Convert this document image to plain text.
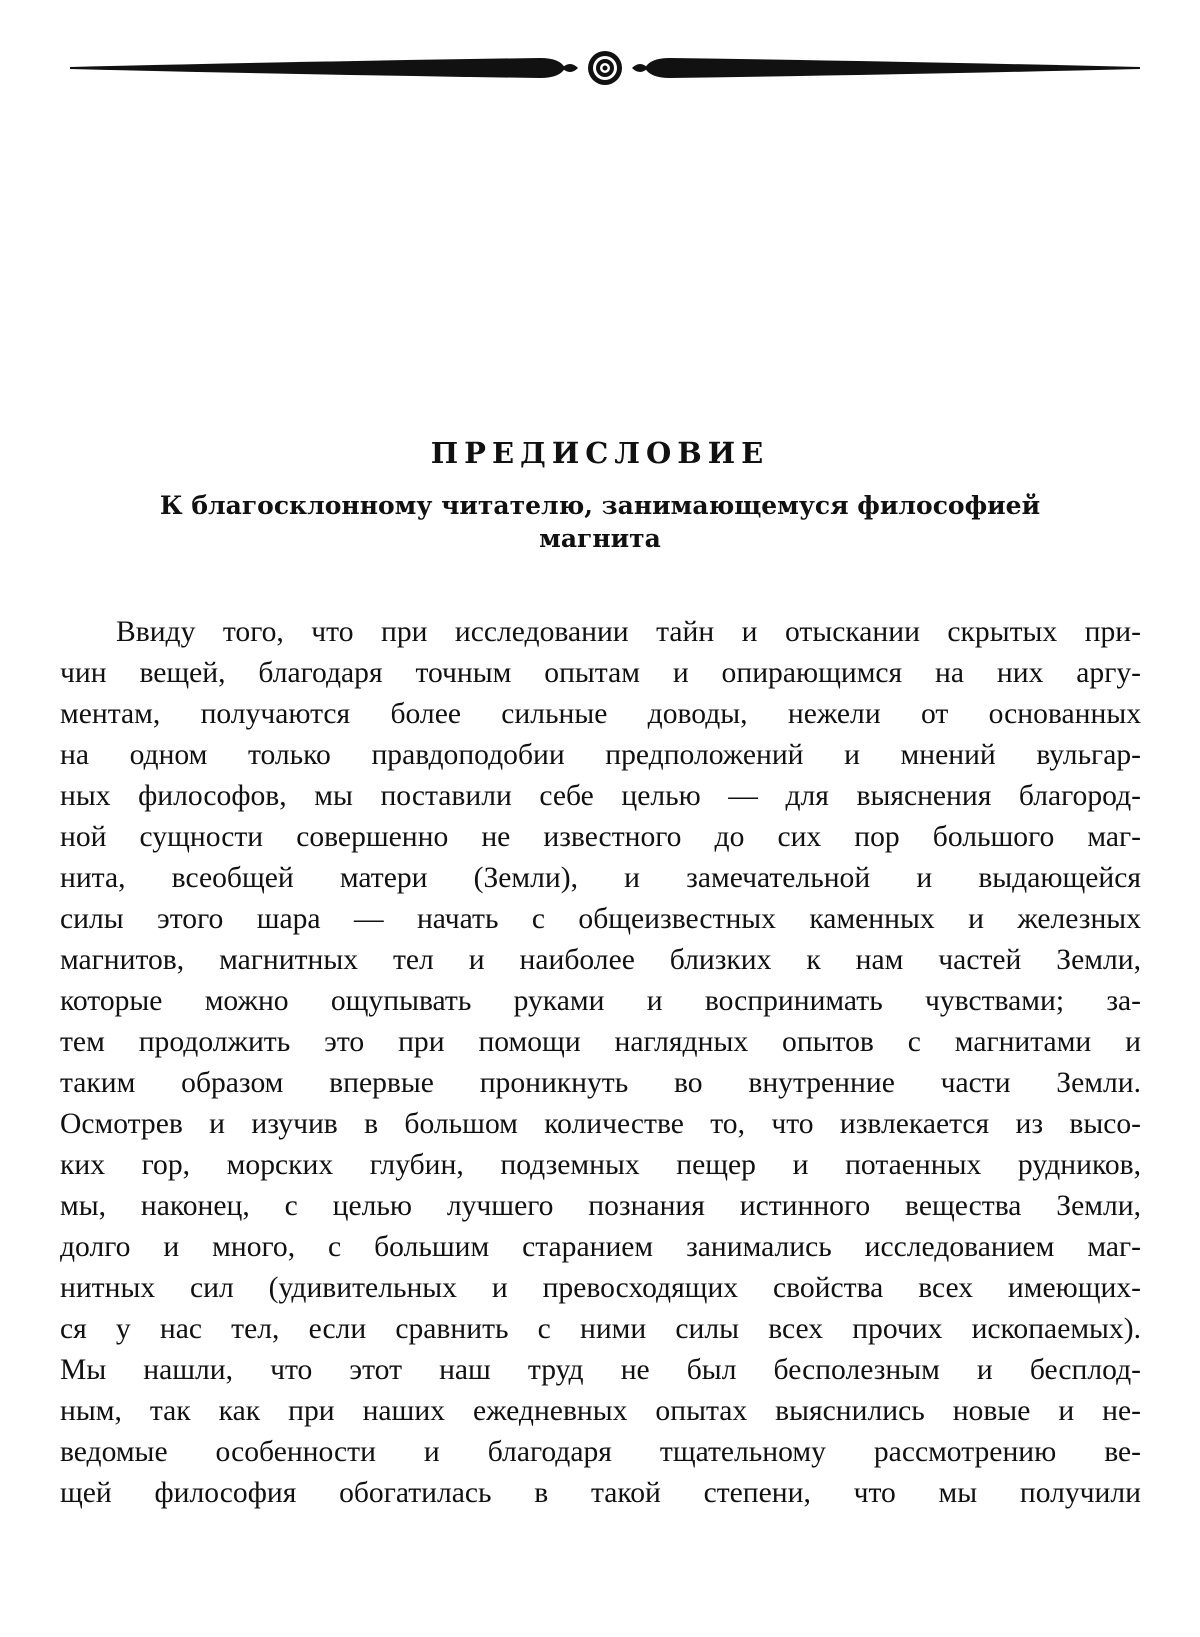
ПРЕДИСЛОВИЕ
К благосклонному читателю, занимающемуся философией магнита
Ввиду того, что при исследовании тайн и отыскании скрытых при-
чин вещей, благодаря точным опытам и опирающимся на них аргу-
ментам, получаются более сильные доводы, нежели от основанных
на одном только правдоподобии предположений и мнений вульгар-
ных философов, мы поставили себе целью — для выяснения благород-
ной сущности совершенно не известного до сих пор большого маг-
нита, всеобщей матери (Земли), и замечательной и выдающейся
силы этого шара — начать с общеизвестных каменных и железных
магнитов, магнитных тел и наиболее близких к нам частей Земли,
которые можно ощупывать руками и воспринимать чувствами; за-
тем продолжить это при помощи наглядных опытов с магнитами и
таким образом впервые проникнуть во внутренние части Земли.
Осмотрев и изучив в большом количестве то, что извлекается из высо-
ких гор, морских глубин, подземных пещер и потаенных рудников,
мы, наконец, с целью лучшего познания истинного вещества Земли,
долго и много, с большим старанием занимались исследованием маг-
нитных сил (удивительных и превосходящих свойства всех имеющих-
ся у нас тел, если сравнить с ними силы всех прочих ископаемых).
Мы нашли, что этот наш труд не был бесполезным и бесплод-
ным, так как при наших ежедневных опытах выяснились новые и не-
ведомые особенности и благодаря тщательному рассмотрению ве-
щей философия обогатилась в такой степени, что мы получили
